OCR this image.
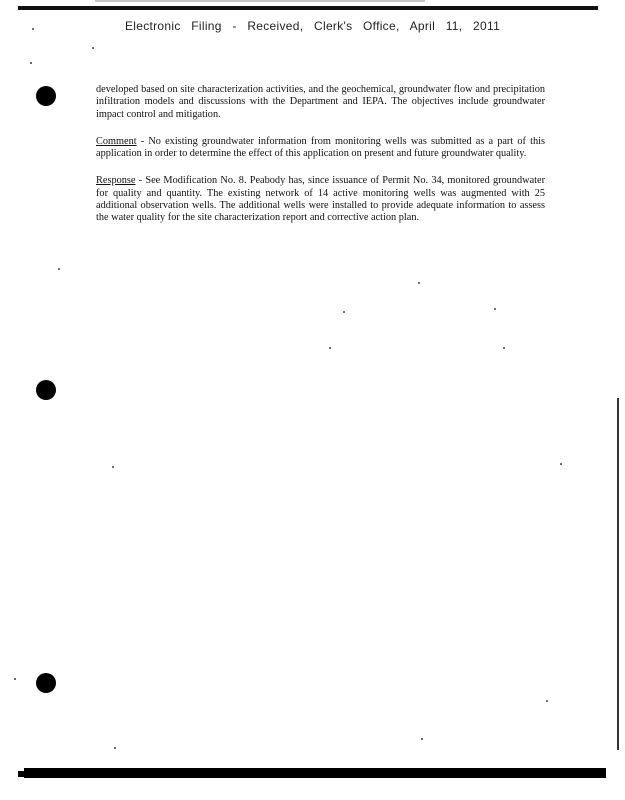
Electronic Filing - Received, Clerk's Office, April 11, 2011

developed based on site characterization activities, and the geochemical, groundwater flow and precipitation infiltration models and discussions with the Department and IEPA. The objectives include groundwater impact control and mitigation.

Comment - No existing groundwater information from monitoring wells was submitted as a part of this application in order to determine the effect of this application on present and future groundwater quality.

Response - See Modification No. 8. Peabody has, since issuance of Permit No. 34, monitored groundwater for quality and quantity. The existing network of 14 active monitoring wells was augmented with 25 additional observation wells. The additional wells were installed to provide adequate information to assess the water quality for the site characterization report and corrective action plan.
